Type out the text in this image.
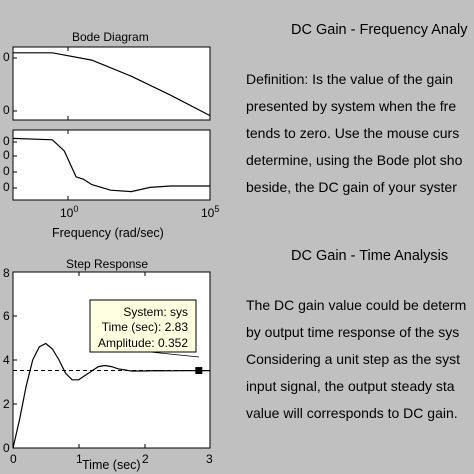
System: sys
Time (sec): 2.83
Amplitude: 0.352
Bode Diagram
0
0
0
0
0
0
$10^0$	$10^5$
Frequency (rad/sec)
Step Response
8
6
4
2
0
0	1	2	3
Time (sec)
DC Gain - Frequency Analy
Definition: Is the value of the gain
presented by system when the fre
tends to zero. Use the mouse curs
determine, using the Bode plot sho
beside, the DC gain of your syster
DC Gain - Time Analysis
The DC gain value could be determ
by output time response of the sys
Considering a unit step as the syst
input signal, the output steady sta
value will corresponds to DC gain.
